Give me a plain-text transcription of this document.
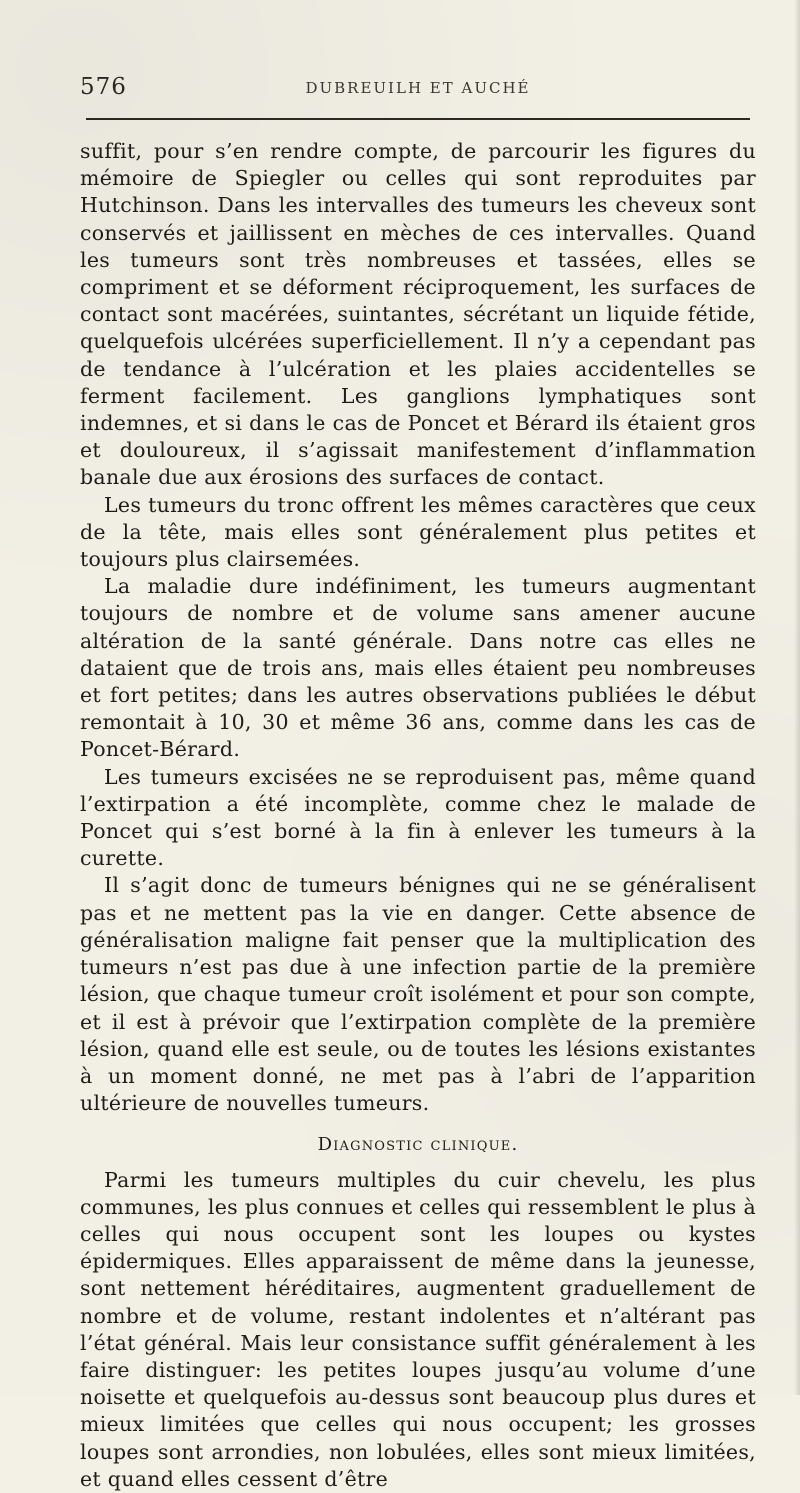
576	DUBREUILH ET AUCHÉ

suffit, pour s’en rendre compte, de parcourir les figures du mémoire de Spiegler ou celles qui sont reproduites par Hutchinson. Dans les intervalles des tumeurs les cheveux sont conservés et jaillissent en mèches de ces intervalles. Quand les tumeurs sont très nombreuses et tassées, elles se compriment et se déforment réciproquement, les surfaces de contact sont macérées, suintantes, sécrétant un liquide fétide, quelquefois ulcérées superficiellement. Il n’y a cependant pas de tendance à l’ulcération et les plaies accidentelles se ferment facilement. Les ganglions lymphatiques sont indemnes, et si dans le cas de Poncet et Bérard ils étaient gros et douloureux, il s’agissait manifestement d’inflammation banale due aux érosions des surfaces de contact.

Les tumeurs du tronc offrent les mêmes caractères que ceux de la tête, mais elles sont généralement plus petites et toujours plus clairsemées.

La maladie dure indéfiniment, les tumeurs augmentant toujours de nombre et de volume sans amener aucune altération de la santé générale. Dans notre cas elles ne dataient que de trois ans, mais elles étaient peu nombreuses et fort petites; dans les autres observations publiées le début remontait à 10, 30 et même 36 ans, comme dans les cas de Poncet-Bérard.

Les tumeurs excisées ne se reproduisent pas, même quand l’extirpation a été incomplète, comme chez le malade de Poncet qui s’est borné à la fin à enlever les tumeurs à la curette.

Il s’agit donc de tumeurs bénignes qui ne se généralisent pas et ne mettent pas la vie en danger. Cette absence de généralisation maligne fait penser que la multiplication des tumeurs n’est pas due à une infection partie de la première lésion, que chaque tumeur croît isolément et pour son compte, et il est à prévoir que l’extirpation complète de la première lésion, quand elle est seule, ou de toutes les lésions existantes à un moment donné, ne met pas à l’abri de l’apparition ultérieure de nouvelles tumeurs.

Diagnostic clinique.

Parmi les tumeurs multiples du cuir chevelu, les plus communes, les plus connues et celles qui ressemblent le plus à celles qui nous occupent sont les loupes ou kystes épidermiques. Elles apparaissent de même dans la jeunesse, sont nettement héréditaires, augmentent graduellement de nombre et de volume, restant indolentes et n’altérant pas l’état général. Mais leur consistance suffit généralement à les faire distinguer: les petites loupes jusqu’au volume d’une noisette et quelquefois au-dessus sont beaucoup plus dures et mieux limitées que celles qui nous occupent; les grosses loupes sont arrondies, non lobulées, elles sont mieux limitées, et quand elles cessent d’être
